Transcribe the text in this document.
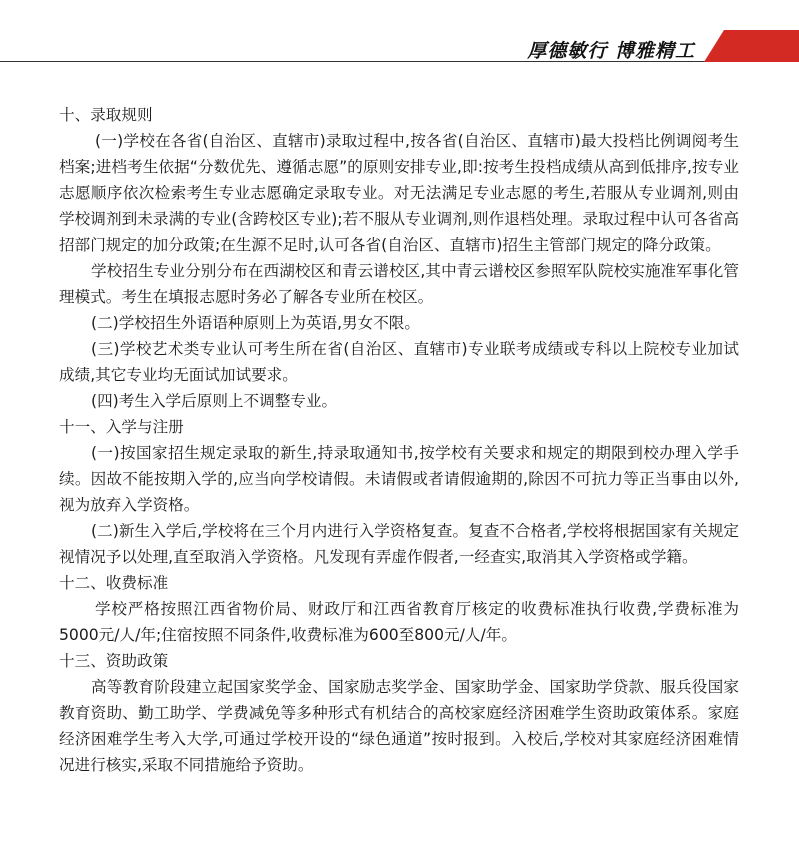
厚德敏行 博雅精工

十、录取规则

(一)学校在各省(自治区、直辖市)录取过程中,按各省(自治区、直辖市)最大投档比例调阅考生档案;进档考生依据“分数优先、遵循志愿”的原则安排专业,即:按考生投档成绩从高到低排序,按专业志愿顺序依次检索考生专业志愿确定录取专业。对无法满足专业志愿的考生,若服从专业调剂,则由学校调剂到未录满的专业(含跨校区专业);若不服从专业调剂,则作退档处理。录取过程中认可各省高招部门规定的加分政策;在生源不足时,认可各省(自治区、直辖市)招生主管部门规定的降分政策。

学校招生专业分别分布在西湖校区和青云谱校区,其中青云谱校区参照军队院校实施准军事化管理模式。考生在填报志愿时务必了解各专业所在校区。

(二)学校招生外语语种原则上为英语,男女不限。

(三)学校艺术类专业认可考生所在省(自治区、直辖市)专业联考成绩或专科以上院校专业加试成绩,其它专业均无面试加试要求。

(四)考生入学后原则上不调整专业。

十一、入学与注册

(一)按国家招生规定录取的新生,持录取通知书,按学校有关要求和规定的期限到校办理入学手续。因故不能按期入学的,应当向学校请假。未请假或者请假逾期的,除因不可抗力等正当事由以外,视为放弃入学资格。

(二)新生入学后,学校将在三个月内进行入学资格复查。复查不合格者,学校将根据国家有关规定视情况予以处理,直至取消入学资格。凡发现有弄虚作假者,一经查实,取消其入学资格或学籍。

十二、收费标准

学校严格按照江西省物价局、财政厅和江西省教育厅核定的收费标准执行收费,学费标准为5000元/人/年;住宿按照不同条件,收费标准为600至800元/人/年。

十三、资助政策

高等教育阶段建立起国家奖学金、国家励志奖学金、国家助学金、国家助学贷款、服兵役国家教育资助、勤工助学、学费减免等多种形式有机结合的高校家庭经济困难学生资助政策体系。家庭经济困难学生考入大学,可通过学校开设的“绿色通道”按时报到。入校后,学校对其家庭经济困难情况进行核实,采取不同措施给予资助。
